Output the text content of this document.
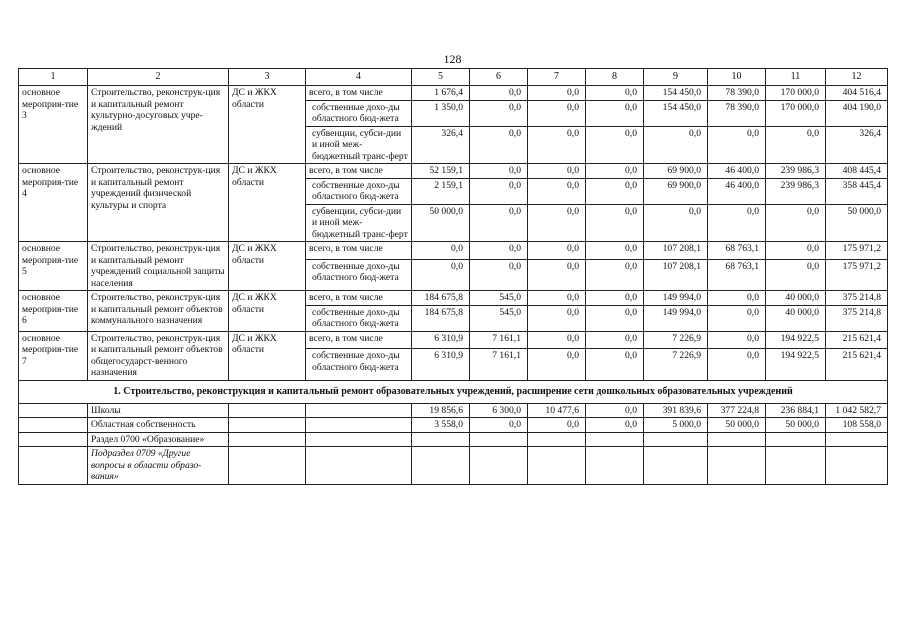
128
1	2	3	4	5	6	7	8	9	10	11	12
основное мероприя-тие 3	Строительство, реконструк-ция и капитальный ремонт культурно-досуговых учре-ждений	ДС и ЖКХ области	всего, в том числе	1 676,4	0,0	0,0	0,0	154 450,0	78 390,0	170 000,0	404 516,4
			собственные дохо-ды областного бюд-жета	1 350,0	0,0	0,0	0,0	154 450,0	78 390,0	170 000,0	404 190,0
			субвенции, субси-дии и иной меж-бюджетный транс-ферт	326,4	0,0	0,0	0,0	0,0	0,0	0,0	326,4
основное мероприя-тие 4	Строительство, реконструк-ция и капитальный ремонт учреждений физической культуры и спорта	ДС и ЖКХ области	всего, в том числе	52 159,1	0,0	0,0	0,0	69 900,0	46 400,0	239 986,3	408 445,4
			собственные дохо-ды областного бюд-жета	2 159,1	0,0	0,0	0,0	69 900,0	46 400,0	239 986,3	358 445,4
			субвенции, субси-дии и иной меж-бюджетный транс-ферт	50 000,0	0,0	0,0	0,0	0,0	0,0	0,0	50 000,0
основное мероприя-тие 5	Строительство, реконструк-ция и капитальный ремонт учреждений социальной защиты населения	ДС и ЖКХ области	всего, в том числе	0,0	0,0	0,0	0,0	107 208,1	68 763,1	0,0	175 971,2
			собственные дохо-ды областного бюд-жета	0,0	0,0	0,0	0,0	107 208,1	68 763,1	0,0	175 971,2
основное мероприя-тие 6	Строительство, реконструк-ция и капитальный ремонт объектов коммунального назначения	ДС и ЖКХ области	всего, в том числе	184 675,8	545,0	0,0	0,0	149 994,0	0,0	40 000,0	375 214,8
			собственные дохо-ды областного бюд-жета	184 675,8	545,0	0,0	0,0	149 994,0	0,0	40 000,0	375 214,8
основное мероприя-тие 7	Строительство, реконструк-ция и капитальный ремонт объектов общегосударст-венного назначения	ДС и ЖКХ области	всего, в том числе	6 310,9	7 161,1	0,0	0,0	7 226,9	0,0	194 922,5	215 621,4
			собственные дохо-ды областного бюд-жета	6 310,9	7 161,1	0,0	0,0	7 226,9	0,0	194 922,5	215 621,4
1. Строительство, реконструкция и капитальный ремонт образовательных учреждений, расширение сети дошкольных образовательных учреждений											
	Школы			19 856,6	6 300,0	10 477,6	0,0	391 839,6	377 224,8	236 884,1	1 042 582,7
	Областная собственность			3 558,0	0,0	0,0	0,0	5 000,0	50 000,0	50 000,0	108 558,0
	Раздел 0700 «Образование»										
	Подраздел 0709 «Другие вопросы в области образо-вания»										
